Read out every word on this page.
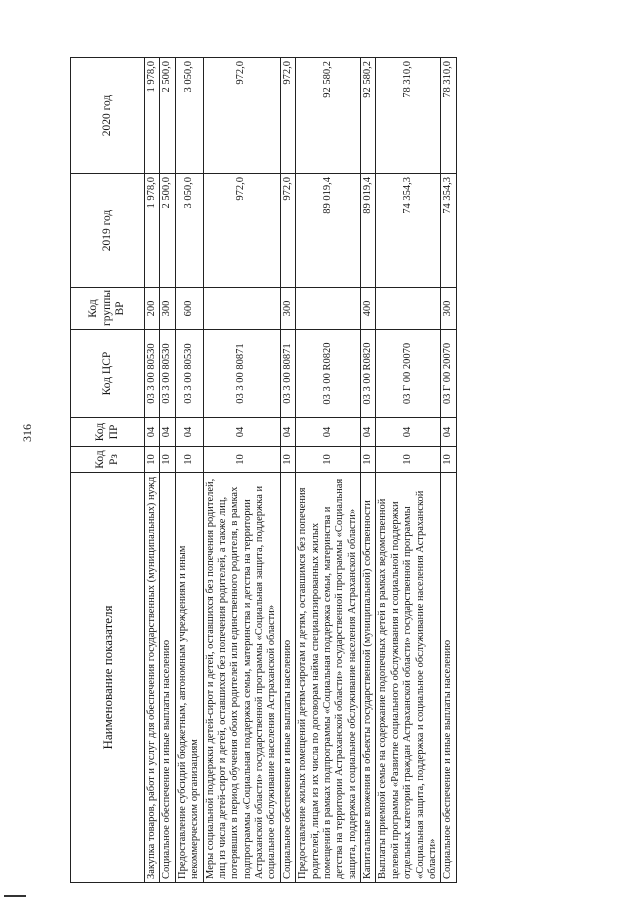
316
Наименование показателя	Код Рз	Код ПР	Код ЦСР	Код группы ВР	2019 год	2020 год
Закупка товаров, работ и услуг для обеспечения государственных (муниципальных) нужд	10	04	03 3 00 80530	200	1 978,0	1 978,0
Социальное обеспечение и иные выплаты населению	10	04	03 3 00 80530	300	2 500,0	2 500,0
Предоставление субсидий бюджетным, автономным учреждениям и иным некоммерческим организациям	10	04	03 3 00 80530	600	3 050,0	3 050,0
Меры социальной поддержки детей-сирот и детей, оставшихся без попечения родителей, лиц из числа детей-сирот и детей, оставшихся без попечения родителей, а также лиц, потерявших в период обучения обоих родителей или единственного родителя, в рамках подпрограммы «Социальная поддержка семьи, материнства и детства на территории Астраханской области» государственной программы «Социальная защита, поддержка и социальное обслуживание населения Астраханской области»	10	04	03 3 00 80871		972,0	972,0
Социальное обеспечение и иные выплаты населению	10	04	03 3 00 80871	300	972,0	972,0
Предоставление жилых помещений детям-сиротам и детям, оставшимся без попечения родителей, лицам из их числа по договорам найма специализированных жилых помещений в рамках подпрограммы «Социальная поддержка семьи, материнства и детства на территории Астраханской области» государственной программы «Социальная защита, поддержка и социальное обслуживание населения Астраханской области»	10	04	03 3 00 R0820		89 019,4	92 580,2
Капитальные вложения в объекты государственной (муниципальной) собственности	10	04	03 3 00 R0820	400	89 019,4	92 580,2
Выплаты приемной семье на содержание подопечных детей в рамках ведомственной целевой программы «Развитие социального обслуживания и социальной поддержки отдельных категорий граждан Астраханской области» государственной программы «Социальная защита, поддержка и социальное обслуживание населения Астраханской области»	10	04	03 Г 00 20070		74 354,3	78 310,0
Социальное обеспечение и иные выплаты населению	10	04	03 Г 00 20070	300	74 354,3	78 310,0
